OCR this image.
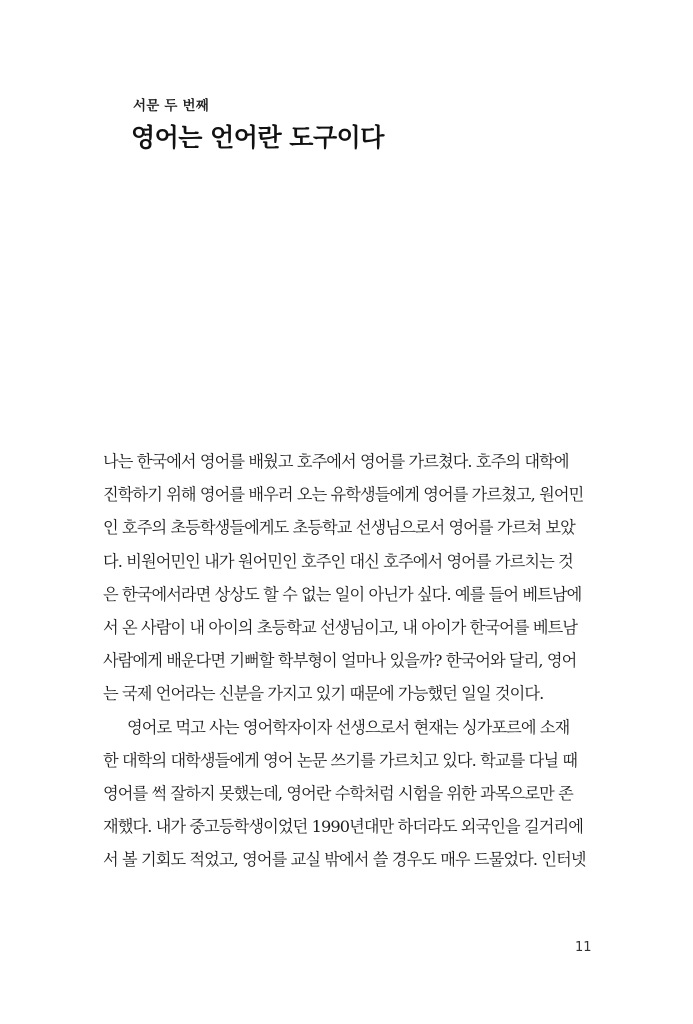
서문 두 번째
영어는 언어란 도구이다
나는 한국에서 영어를 배웠고 호주에서 영어를 가르쳤다. 호주의 대학에
진학하기 위해 영어를 배우러 오는 유학생들에게 영어를 가르쳤고, 원어민
인 호주의 초등학생들에게도 초등학교 선생님으로서 영어를 가르쳐 보았
다. 비원어민인 내가 원어민인 호주인 대신 호주에서 영어를 가르치는 것
은 한국에서라면 상상도 할 수 없는 일이 아닌가 싶다. 예를 들어 베트남에
서 온 사람이 내 아이의 초등학교 선생님이고, 내 아이가 한국어를 베트남
사람에게 배운다면 기뻐할 학부형이 얼마나 있을까? 한국어와 달리, 영어
는 국제 언어라는 신분을 가지고 있기 때문에 가능했던 일일 것이다.
영어로 먹고 사는 영어학자이자 선생으로서 현재는 싱가포르에 소재
한 대학의 대학생들에게 영어 논문 쓰기를 가르치고 있다. 학교를 다닐 때
영어를 썩 잘하지 못했는데, 영어란 수학처럼 시험을 위한 과목으로만 존
재했다. 내가 중고등학생이었던 1990년대만 하더라도 외국인을 길거리에
서 볼 기회도 적었고, 영어를 교실 밖에서 쓸 경우도 매우 드물었다. 인터넷
11
